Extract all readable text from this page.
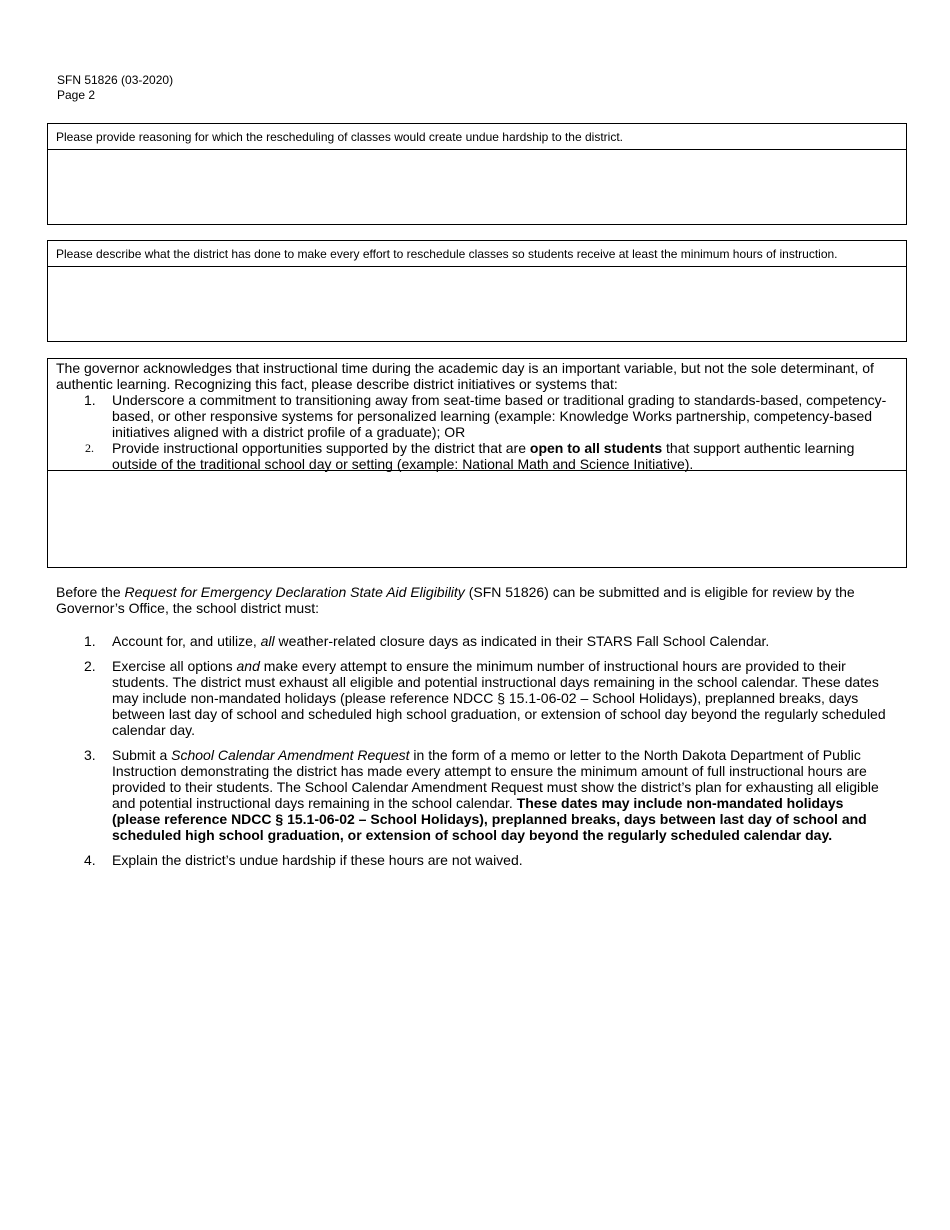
SFN 51826 (03-2020)
Page 2
Please provide reasoning for which the rescheduling of classes would create undue hardship to the district.
Please describe what the district has done to make every effort to reschedule classes so students receive at least the minimum hours of instruction.
The governor acknowledges that instructional time during the academic day is an important variable, but not the sole determinant, of authentic learning. Recognizing this fact, please describe district initiatives or systems that:
1. Underscore a commitment to transitioning away from seat-time based or traditional grading to standards-based, competency-based, or other responsive systems for personalized learning (example: Knowledge Works partnership, competency-based initiatives aligned with a district profile of a graduate); OR
2. Provide instructional opportunities supported by the district that are open to all students that support authentic learning outside of the traditional school day or setting (example: National Math and Science Initiative).

Before the Request for Emergency Declaration State Aid Eligibility (SFN 51826) can be submitted and is eligible for review by the Governor’s Office, the school district must:

1. Account for, and utilize, all weather-related closure days as indicated in their STARS Fall School Calendar.
2. Exercise all options and make every attempt to ensure the minimum number of instructional hours are provided to their students. The district must exhaust all eligible and potential instructional days remaining in the school calendar. These dates may include non-mandated holidays (please reference NDCC § 15.1-06-02 – School Holidays), preplanned breaks, days between last day of school and scheduled high school graduation, or extension of school day beyond the regularly scheduled calendar day.
3. Submit a School Calendar Amendment Request in the form of a memo or letter to the North Dakota Department of Public Instruction demonstrating the district has made every attempt to ensure the minimum amount of full instructional hours are provided to their students. The School Calendar Amendment Request must show the district’s plan for exhausting all eligible and potential instructional days remaining in the school calendar. These dates may include non-mandated holidays (please reference NDCC § 15.1-06-02 – School Holidays), preplanned breaks, days between last day of school and scheduled high school graduation, or extension of school day beyond the regularly scheduled calendar day.
4. Explain the district’s undue hardship if these hours are not waived.
